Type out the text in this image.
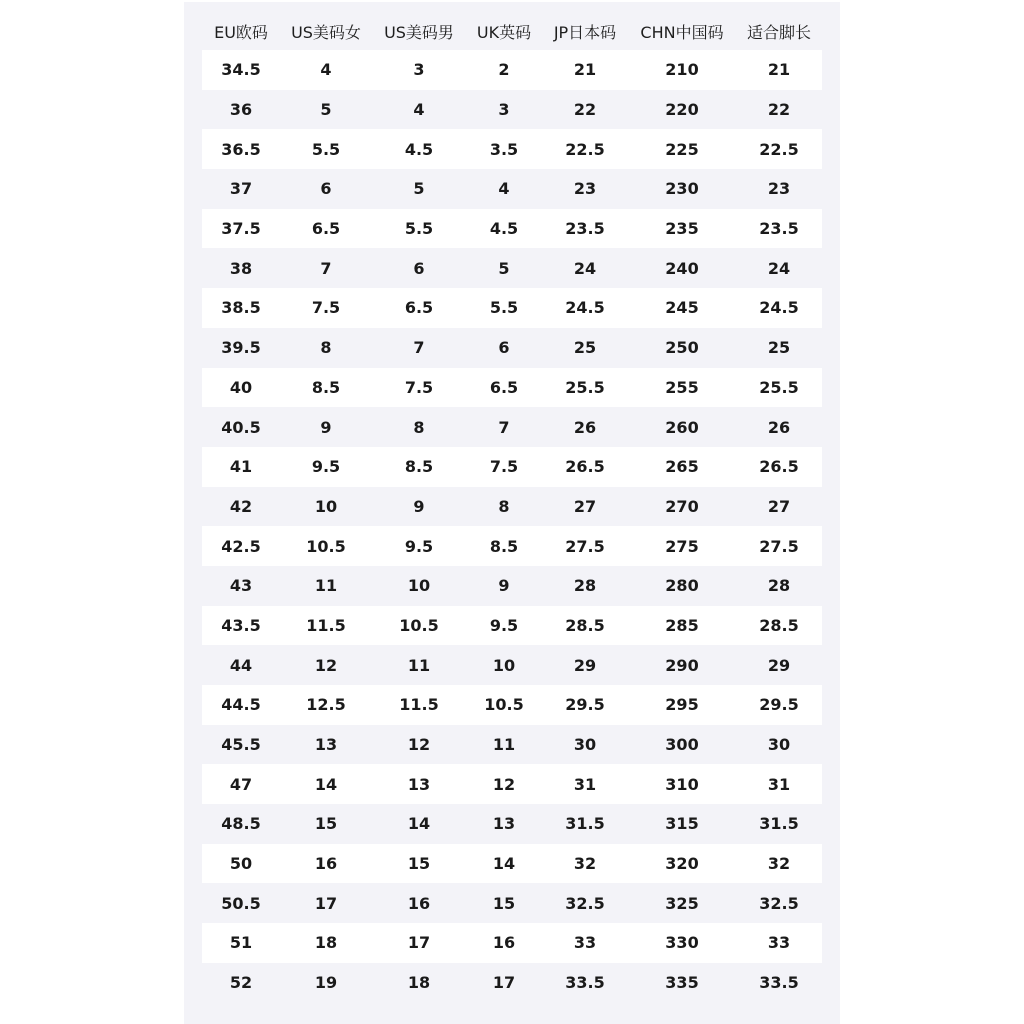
EU欧码	US美码女	US美码男	UK英码	JP日本码	CHN中国码	适合脚长
34.5	4	3	2	21	210	21
36	5	4	3	22	220	22
36.5	5.5	4.5	3.5	22.5	225	22.5
37	6	5	4	23	230	23
37.5	6.5	5.5	4.5	23.5	235	23.5
38	7	6	5	24	240	24
38.5	7.5	6.5	5.5	24.5	245	24.5
39.5	8	7	6	25	250	25
40	8.5	7.5	6.5	25.5	255	25.5
40.5	9	8	7	26	260	26
41	9.5	8.5	7.5	26.5	265	26.5
42	10	9	8	27	270	27
42.5	10.5	9.5	8.5	27.5	275	27.5
43	11	10	9	28	280	28
43.5	11.5	10.5	9.5	28.5	285	28.5
44	12	11	10	29	290	29
44.5	12.5	11.5	10.5	29.5	295	29.5
45.5	13	12	11	30	300	30
47	14	13	12	31	310	31
48.5	15	14	13	31.5	315	31.5
50	16	15	14	32	320	32
50.5	17	16	15	32.5	325	32.5
51	18	17	16	33	330	33
52	19	18	17	33.5	335	33.5
